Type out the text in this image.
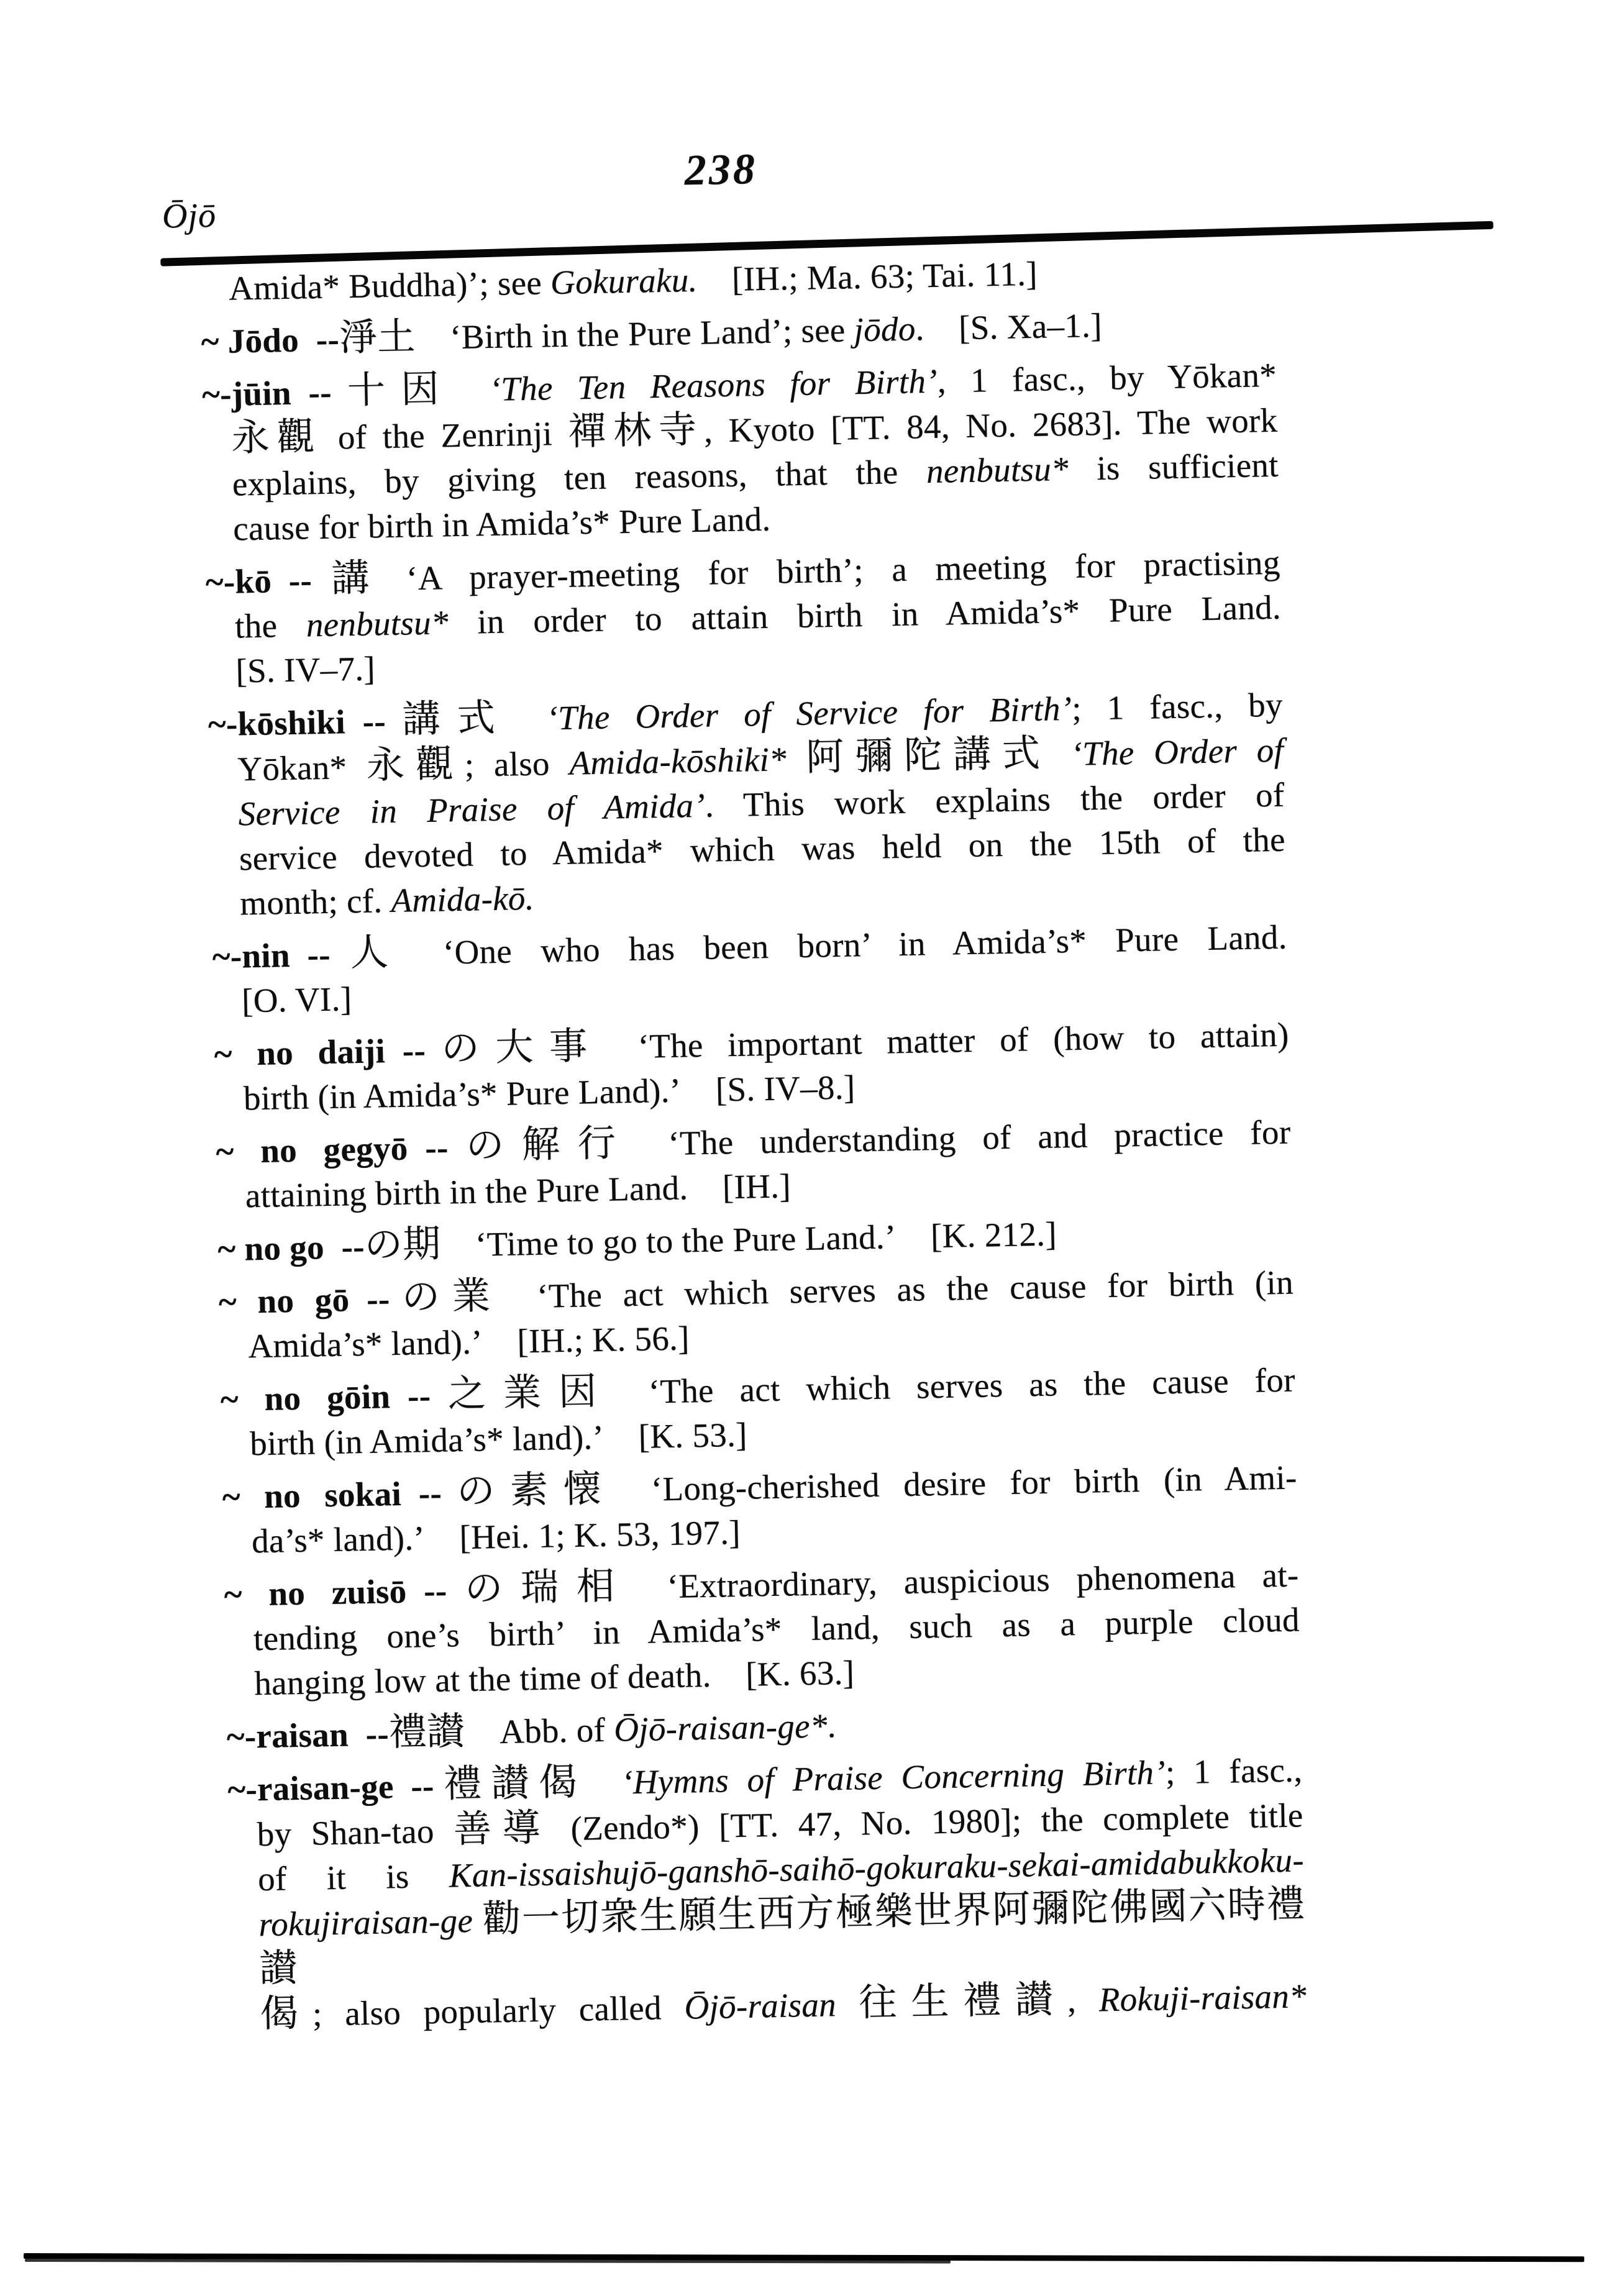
Ōjō
238
Amida* Buddha)’; see Gokuraku.  [IH.; Ma. 63; Tai. 11.]
~ Jōdo --淨土  ‘Birth in the Pure Land’; see jōdo.  [S. Xa–1.]
~-jūin --十因   ‘The Ten Reasons for Birth’, 1 fasc., by Yōkan*
永觀 of the Zenrinji 禪林寺, Kyoto [TT. 84, No. 2683]. The work
explains, by giving ten reasons, that the nenbutsu* is sufficient
cause for birth in Amida’s* Pure Land.
~-kō --講 ‘A prayer-meeting for birth’; a meeting for practising
the nenbutsu* in order to attain birth in Amida’s* Pure Land.
[S. IV–7.]
~-kōshiki --講式   ‘The Order of Service for Birth’; 1 fasc., by
Yōkan* 永觀; also Amida-kōshiki* 阿彌陀講式 ‘The Order of
Service in Praise of Amida’. This work explains the order of
service devoted to Amida* which was held on the 15th of the
month; cf. Amida-kō.
~-nin --人  ‘One who has been born’ in Amida’s* Pure Land.
[O. VI.]
~ no daiji --の大事  ‘The important matter of (how to attain)
birth (in Amida’s* Pure Land).’  [S. IV–8.]
~ no gegyō --の解行  ‘The understanding of and practice for
attaining birth in the Pure Land.  [IH.]
~ no go --の期  ‘Time to go to the Pure Land.’  [K. 212.]
~ no gō --の業  ‘The act which serves as the cause for birth (in
Amida’s* land).’  [IH.; K. 56.]
~ no gōin --之業因  ‘The act which serves as the cause for
birth (in Amida’s* land).’  [K. 53.]
~ no sokai --の素懐  ‘Long-cherished desire for birth (in Ami-
da’s* land).’  [Hei. 1; K. 53, 197.]
~ no zuisō --の瑞相  ‘Extraordinary, auspicious phenomena at-
tending one’s birth’ in Amida’s* land, such as a purple cloud
hanging low at the time of death.  [K. 63.]
~-raisan --禮讃  Abb. of Ōjō-raisan-ge*.
~-raisan-ge --禮讃偈   ‘Hymns of Praise Concerning Birth’; 1 fasc.,
by Shan-tao 善導 (Zendo*) [TT. 47, No. 1980]; the complete title
of it is Kan-issaishujō-ganshō-saihō-gokuraku-sekai-amidabukkoku-
rokujiraisan-ge 勸一切衆生願生西方極樂世界阿彌陀佛國六時禮讃
偈; also popularly called Ōjō-raisan 往生禮讃, Rokuji-raisan*
